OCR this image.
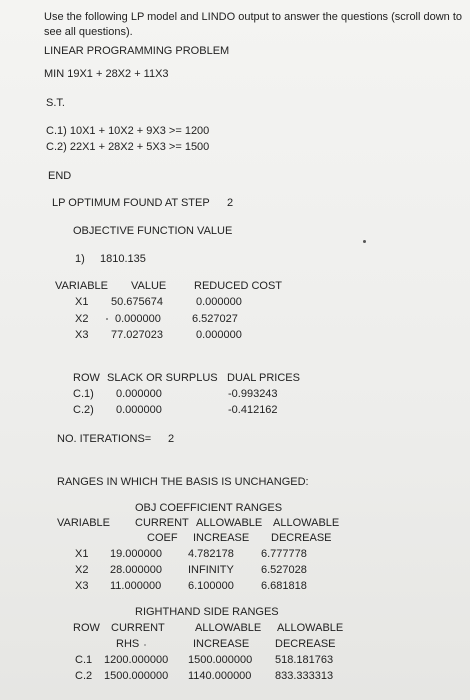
Use the following LP model and LINDO output to answer the questions (scroll down to see all questions).
LINEAR PROGRAMMING PROBLEM
MIN 19X1 + 28X2 + 11X3
S.T.
C.1) 10X1 + 10X2 + 9X3 >= 1200
C.2) 22X1 + 28X2 + 5X3 >= 1500
END
LP OPTIMUM FOUND AT STEP 2
OBJECTIVE FUNCTION VALUE
1) 1810.135
VARIABLE VALUE	REDUCED COST
X1 50.675674	0.000000
X2 0.000000	6.527027
X3 77.027023	0.000000
ROW SLACK OR SURPLUS DUAL PRICES
C.1) 0.000000	-0.993243
C.2) 0.000000	-0.412162
NO. ITERATIONS= 2
RANGES IN WHICH THE BASIS IS UNCHANGED:
OBJ COEFFICIENT RANGES
VARIABLE CURRENT ALLOWABLE ALLOWABLE
COEF INCREASE DECREASE
X1 19.000000 4.782178 6.777778
X2 28.000000 INFINITY 6.527028
X3 11.000000 6.100000 6.681818
RIGHTHAND SIDE RANGES
ROW CURRENT	ALLOWABLE ALLOWABLE
RHS	INCREASE DECREASE
C.1 1200.000000 1500.000000 518.181763
C.2 1500.000000 1140.000000 833.333313
